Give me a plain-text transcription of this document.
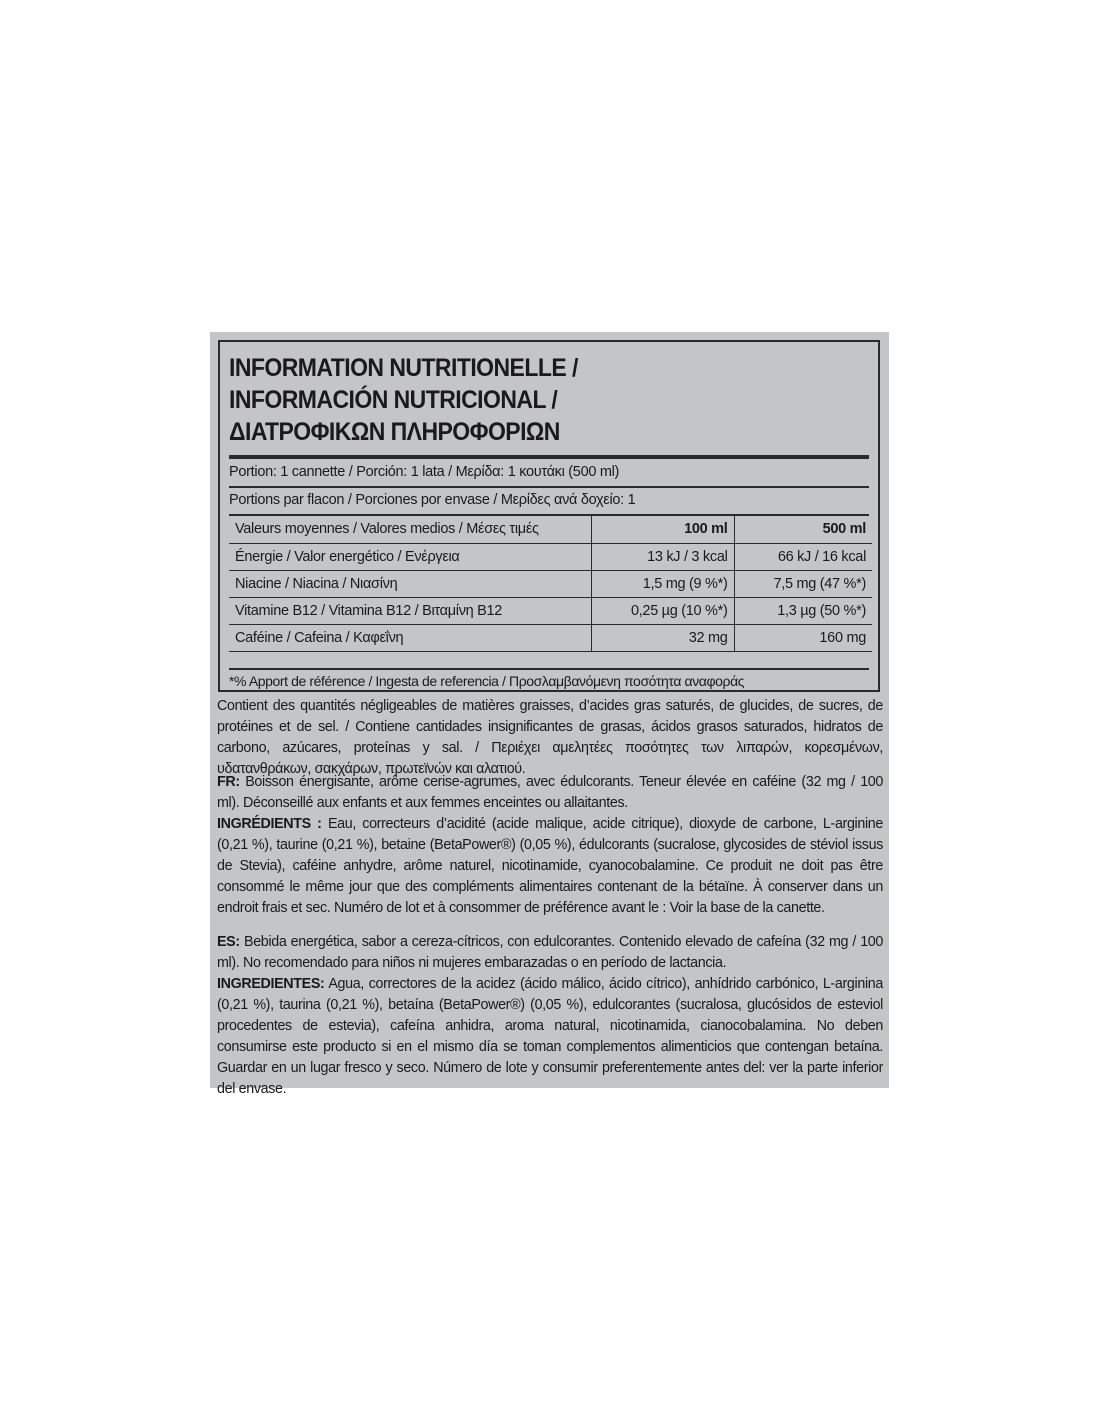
INFORMATION NUTRITIONELLE /
INFORMACIÓN NUTRICIONAL /
ΔΙΑΤΡΟΦΙΚΩΝ ΠΛΗΡΟΦΟΡΙΩΝ
Portion: 1 cannette / Porción: 1 lata / Μερίδα: 1 κουτάκι (500 ml)
Portions par flacon / Porciones por envase / Μερίδες ανά δοχείο: 1
Valeurs moyennes / Valores medios / Μέσες τιμές	100 ml	500 ml
Énergie / Valor energético / Ενέργεια	13 kJ / 3 kcal	66 kJ / 16 kcal
Niacine / Niacina / Νιασίνη	1,5 mg (9 %*)	7,5 mg (47 %*)
Vitamine B12 / Vitamina B12 / Βιταμίνη B12	0,25 µg (10 %*)	1,3 µg (50 %*)
Caféine / Cafeina / Καφεΐνη	32 mg	160 mg
*% Apport de référence / Ingesta de referencia / Προσλαμβανόμενη ποσότητα αναφοράς

Contient des quantités négligeables de matières graisses, d’acides gras saturés, de glucides, de sucres, de protéines et de sel. / Contiene cantidades insignificantes de grasas, ácidos grasos saturados, hidratos de carbono, azúcares, proteínas y sal. / Περιέχει αμελητέες ποσότητες των λιπαρών, κορεσμένων, υδατανθράκων, σακχάρων, πρωτεϊνών και αλατιού.

FR: Boisson énergisante, arôme cerise-agrumes, avec édulcorants. Teneur élevée en caféine (32 mg / 100 ml). Déconseillé aux enfants et aux femmes enceintes ou allaitantes.
INGRÉDIENTS : Eau, correcteurs d’acidité (acide malique, acide citrique), dioxyde de carbone, L-arginine (0,21 %), taurine (0,21 %), betaine (BetaPower®) (0,05 %), édulcorants (sucralose, glycosides de stéviol issus de Stevia), caféine anhydre, arôme naturel, nicotinamide, cyanocobalamine. Ce produit ne doit pas être consommé le même jour que des compléments alimentaires contenant de la bétaïne. À conserver dans un endroit frais et sec. Numéro de lot et à consommer de préférence avant le : Voir la base de la canette.

ES: Bebida energética, sabor a cereza-cítricos, con edulcorantes. Contenido elevado de cafeína (32 mg / 100 ml). No recomendado para niños ni mujeres embarazadas o en período de lactancia.
INGREDIENTES: Agua, correctores de la acidez (ácido málico, ácido cítrico), anhídrido carbónico, L-arginina (0,21 %), taurina (0,21 %), betaína (BetaPower®) (0,05 %), edulcorantes (sucralosa, glucósidos de esteviol procedentes de estevia), cafeína anhidra, aroma natural, nicotinamida, cianocobalamina. No deben consumirse este producto si en el mismo día se toman complementos alimenticios que contengan betaína. Guardar en un lugar fresco y seco. Número de lote y consumir preferentemente antes del: ver la parte inferior del envase.
